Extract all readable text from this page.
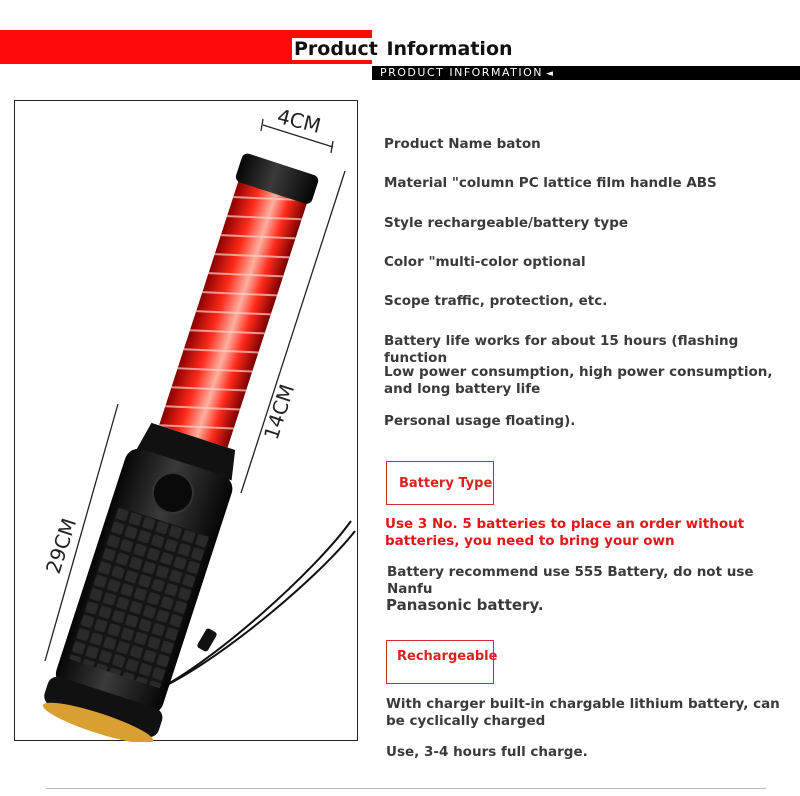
Product Information
PRODUCT INFORMATION ◄
4CM
14CM
29CM
Product Name baton
Material "column PC lattice film handle ABS
Style rechargeable/battery type
Color "multi-color optional
Scope traffic, protection, etc.
Battery life works for about 15 hours (flashing function
Low power consumption, high power consumption, and long battery life
Personal usage floating).
Battery Type
Use 3 No. 5 batteries to place an order without batteries, you need to bring your own
Battery recommend use 555 Battery, do not use Nanfu
Panasonic battery.
Rechargeable
With charger built-in chargable lithium battery, can be cyclically charged
Use, 3-4 hours full charge.
